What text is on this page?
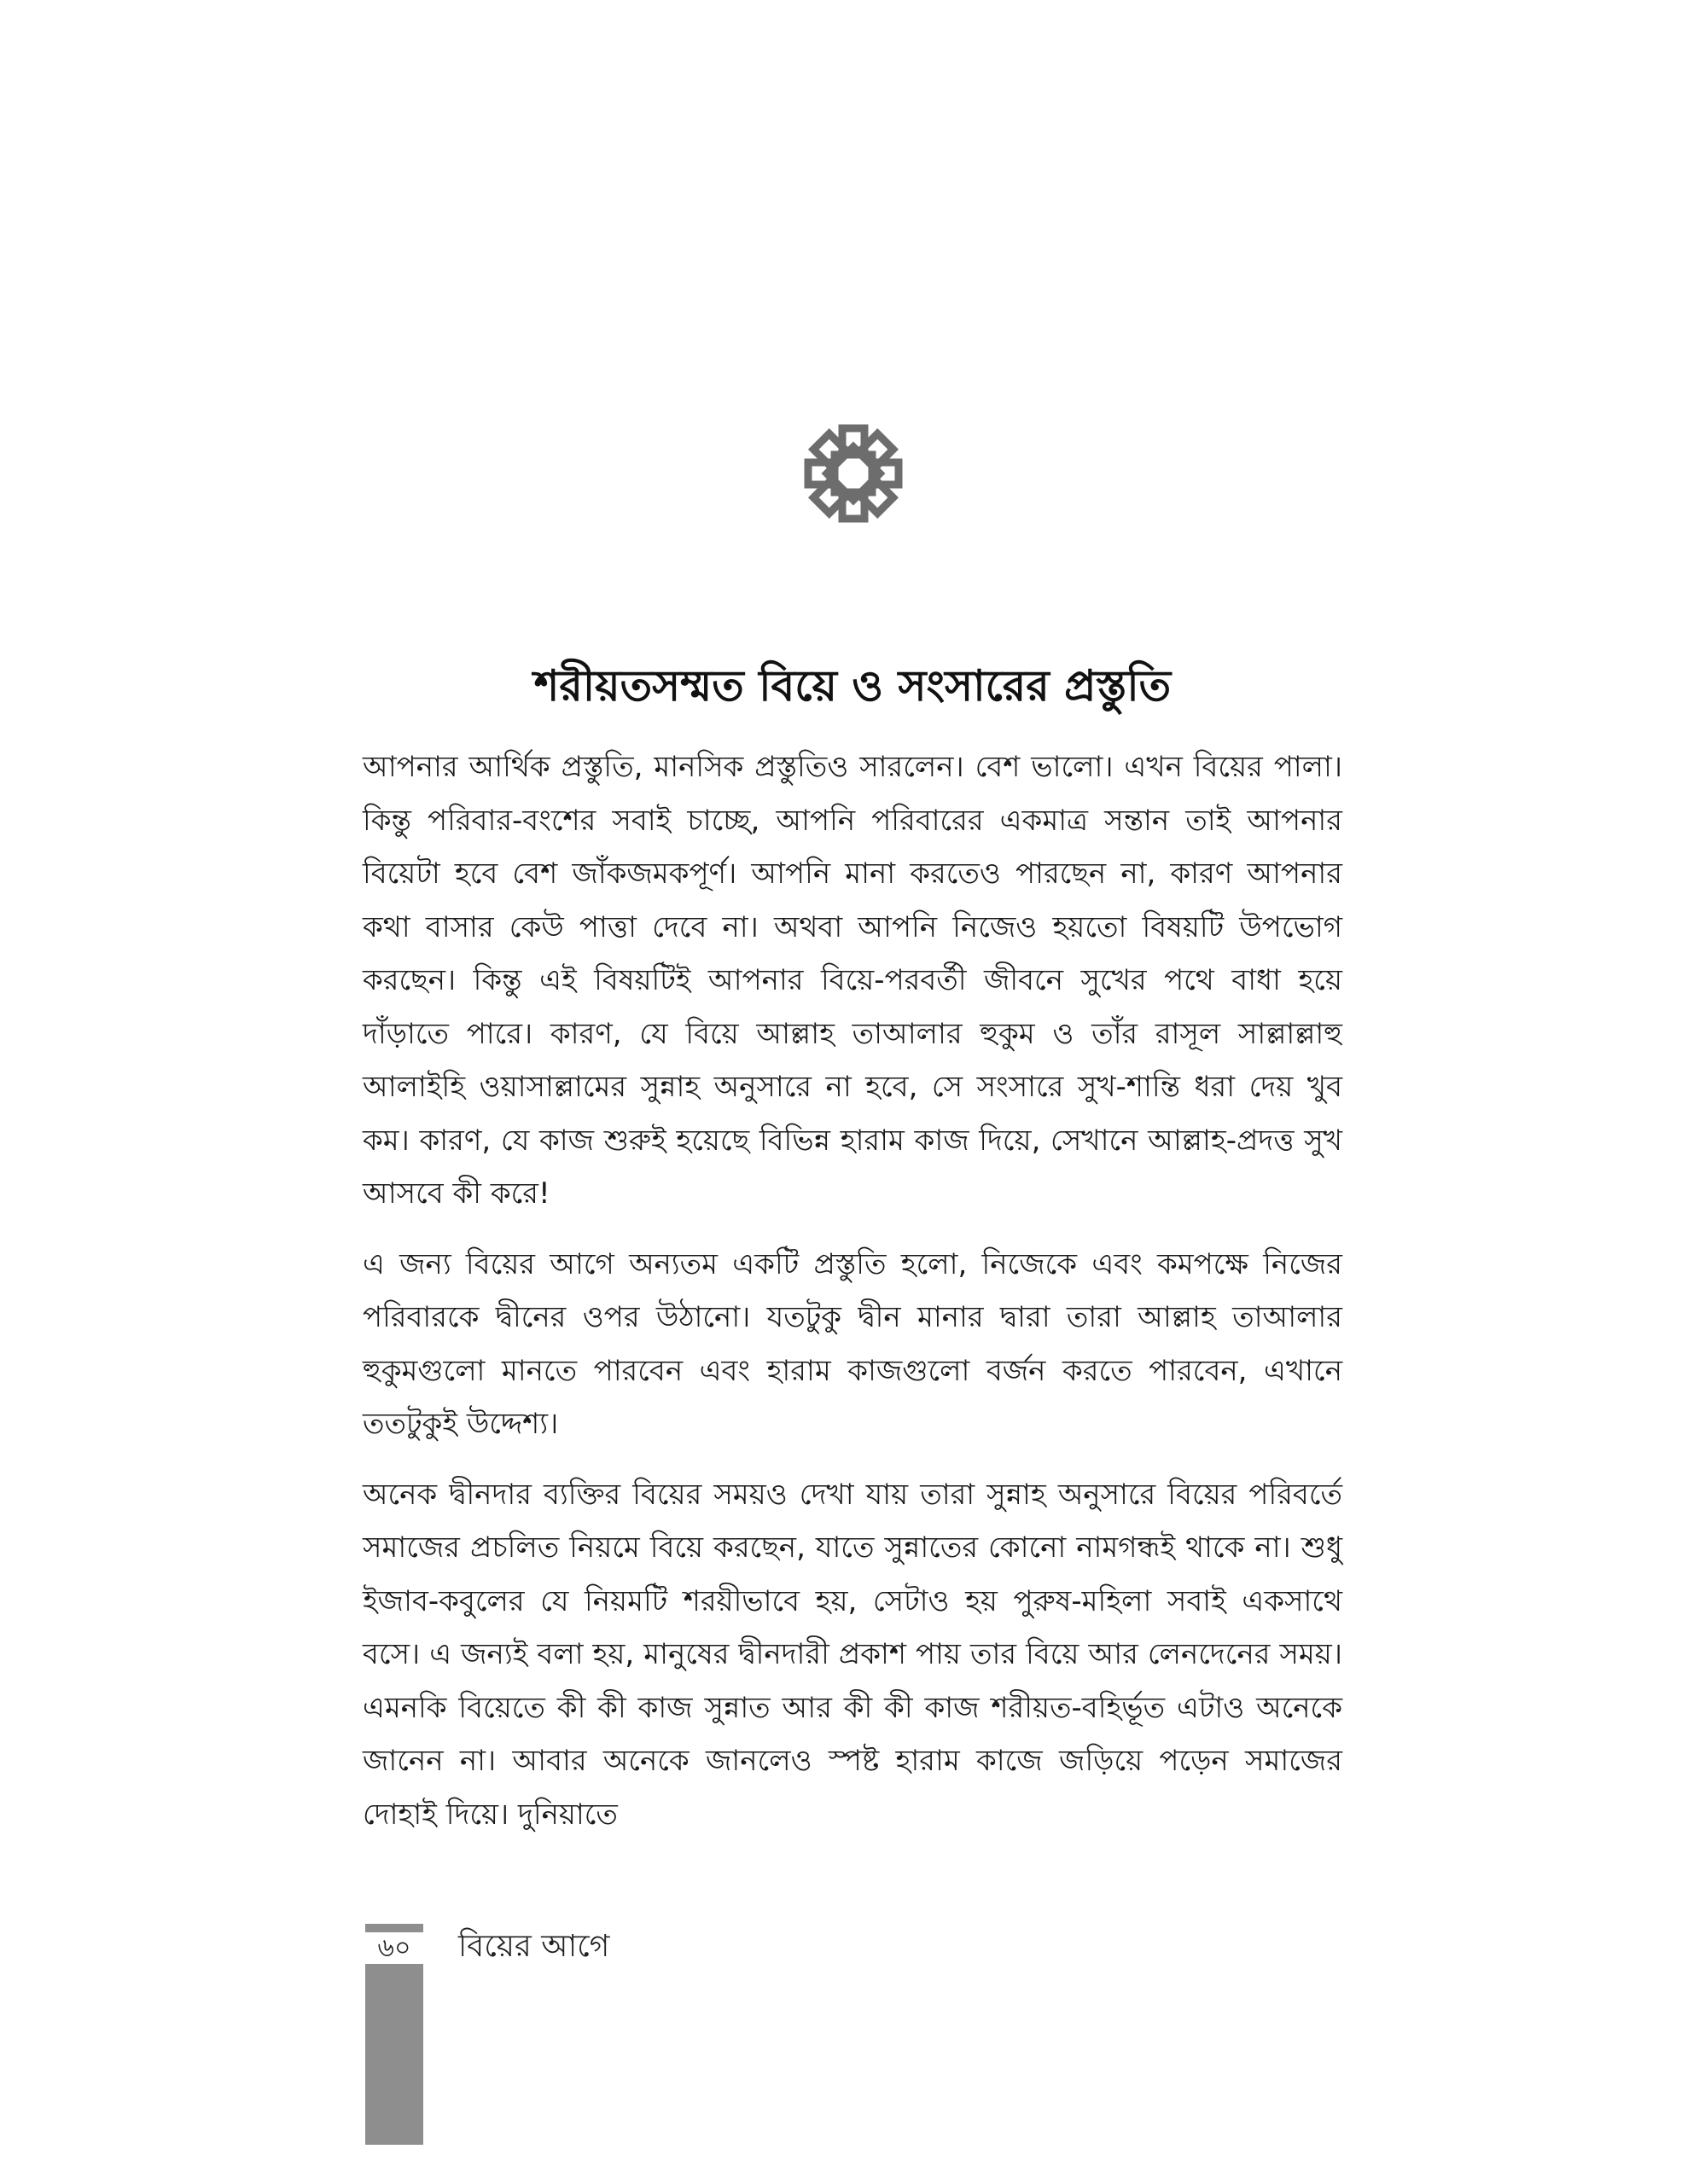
শরীয়তসম্মত বিয়ে ও সংসারের প্রস্তুতি

আপনার আর্থিক প্রস্তুতি, মানসিক প্রস্তুতিও সারলেন। বেশ ভালো। এখন বিয়ের পালা। কিন্তু পরিবার-বংশের সবাই চাচ্ছে, আপনি পরিবারের একমাত্র সন্তান তাই আপনার বিয়েটা হবে বেশ জাঁকজমকপূর্ণ। আপনি মানা করতেও পারছেন না, কারণ আপনার কথা বাসার কেউ পাত্তা দেবে না। অথবা আপনি নিজেও হয়তো বিষয়টি উপভোগ করছেন। কিন্তু এই বিষয়টিই আপনার বিয়ে-পরবর্তী জীবনে সুখের পথে বাধা হয়ে দাঁড়াতে পারে। কারণ, যে বিয়ে আল্লাহ তাআলার হুকুম ও তাঁর রাসূল সাল্লাল্লাহু আলাইহি ওয়াসাল্লামের সুন্নাহ অনুসারে না হবে, সে সংসারে সুখ-শান্তি ধরা দেয় খুব কম। কারণ, যে কাজ শুরুই হয়েছে বিভিন্ন হারাম কাজ দিয়ে, সেখানে আল্লাহ-প্রদত্ত সুখ আসবে কী করে!

এ জন্য বিয়ের আগে অন্যতম একটি প্রস্তুতি হলো, নিজেকে এবং কমপক্ষে নিজের পরিবারকে দ্বীনের ওপর উঠানো। যতটুকু দ্বীন মানার দ্বারা তারা আল্লাহ তাআলার হুকুমগুলো মানতে পারবেন এবং হারাম কাজগুলো বর্জন করতে পারবেন, এখানে ততটুকুই উদ্দেশ্য।

অনেক দ্বীনদার ব্যক্তির বিয়ের সময়ও দেখা যায় তারা সুন্নাহ অনুসারে বিয়ের পরিবর্তে সমাজের প্রচলিত নিয়মে বিয়ে করছেন, যাতে সুন্নাতের কোনো নামগন্ধই থাকে না। শুধু ইজাব-কবুলের যে নিয়মটি শরয়ীভাবে হয়, সেটাও হয় পুরুষ-মহিলা সবাই একসাথে বসে। এ জন্যই বলা হয়, মানুষের দ্বীনদারী প্রকাশ পায় তার বিয়ে আর লেনদেনের সময়। এমনকি বিয়েতে কী কী কাজ সুন্নাত আর কী কী কাজ শরীয়ত-বহির্ভূত এটাও অনেকে জানেন না। আবার অনেকে জানলেও স্পষ্ট হারাম কাজে জড়িয়ে পড়েন সমাজের দোহাই দিয়ে। দুনিয়াতে

৬০	বিয়ের আগে
